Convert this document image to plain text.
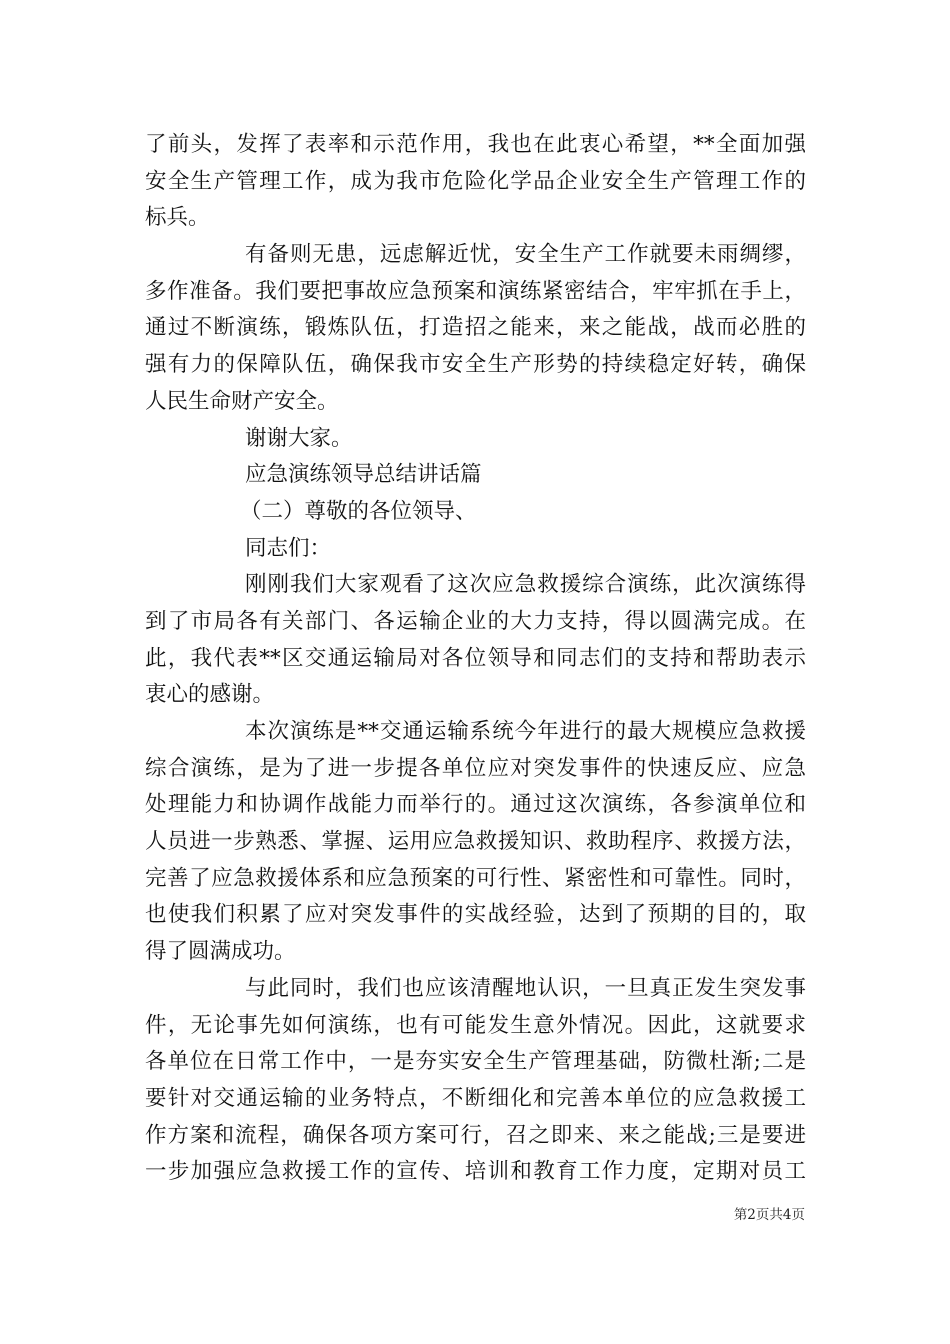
了前头，发挥了表率和示范作用，我也在此衷心希望，**全面加强
安全生产管理工作，成为我市危险化学品企业安全生产管理工作的
标兵。
有备则无患，远虑解近忧，安全生产工作就要未雨绸缪，
多作准备。我们要把事故应急预案和演练紧密结合，牢牢抓在手上，
通过不断演练，锻炼队伍，打造招之能来，来之能战，战而必胜的
强有力的保障队伍，确保我市安全生产形势的持续稳定好转，确保
人民生命财产安全。
谢谢大家。
应急演练领导总结讲话篇
（二）尊敬的各位领导、
同志们：
刚刚我们大家观看了这次应急救援综合演练，此次演练得
到了市局各有关部门、各运输企业的大力支持，得以圆满完成。在
此，我代表**区交通运输局对各位领导和同志们的支持和帮助表示
衷心的感谢。
本次演练是**交通运输系统今年进行的最大规模应急救援
综合演练，是为了进一步提各单位应对突发事件的快速反应、应急
处理能力和协调作战能力而举行的。通过这次演练，各参演单位和
人员进一步熟悉、掌握、运用应急救援知识、救助程序、救援方法，
完善了应急救援体系和应急预案的可行性、紧密性和可靠性。同时，
也使我们积累了应对突发事件的实战经验，达到了预期的目的，取
得了圆满成功。
与此同时，我们也应该清醒地认识，一旦真正发生突发事
件，无论事先如何演练，也有可能发生意外情况。因此，这就要求
各单位在日常工作中，一是夯实安全生产管理基础，防微杜渐;二是
要针对交通运输的业务特点，不断细化和完善本单位的应急救援工
作方案和流程，确保各项方案可行，召之即来、来之能战;三是要进
一步加强应急救援工作的宣传、培训和教育工作力度，定期对员工
第2页共4页
